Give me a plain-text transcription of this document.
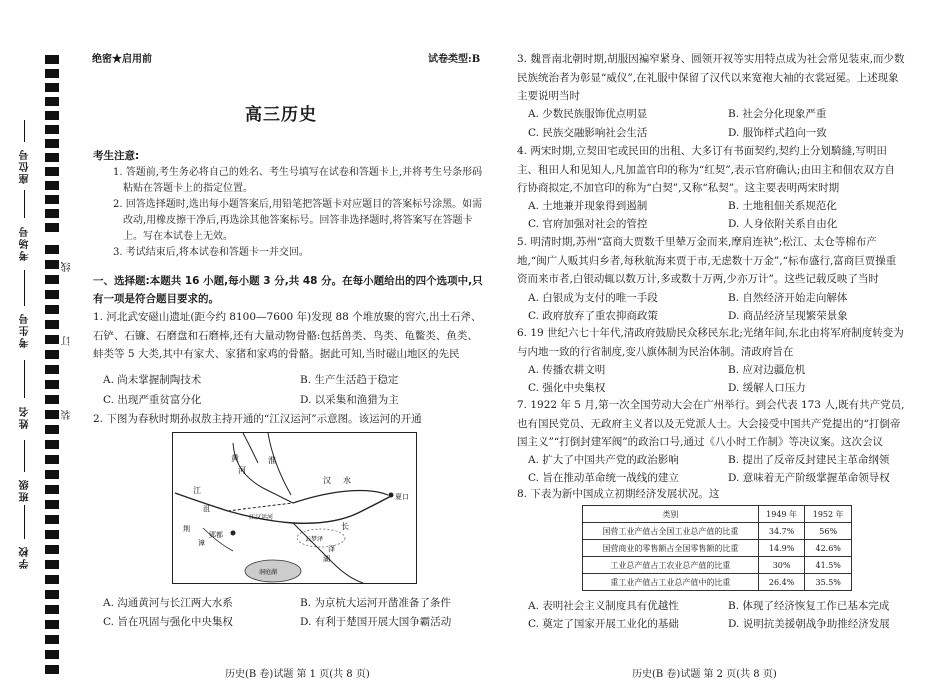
座位号
考场号
考生号
姓名
班级
学校
线
订
装
绝密★启用前	试卷类型:B
高三历史
考生注意:

1. 答题前,考生务必将自己的姓名、考生号填写在试卷和答题卡上,并将考生号条形码粘贴在答题卡上的指定位置。

2. 回答选择题时,选出每小题答案后,用铅笔把答题卡对应题目的答案标号涂黑。如需改动,用橡皮擦干净后,再选涂其他答案标号。回答非选择题时,将答案写在答题卡上。写在本试卷上无效。

3. 考试结束后,将本试卷和答题卡一并交回。

一、选择题:本题共 16 小题,每小题 3 分,共 48 分。在每小题给出的四个选项中,只有一项是符合题目要求的。
1. 河北武安磁山遗址(距今约 8100—7600 年)发现 88 个堆放聚的窖穴,出土石斧、石铲、石镰、石磨盘和石磨棒,还有大量动物骨骼:包括兽类、鸟类、龟鳖类、鱼类、蚌类等 5 大类,其中有家犬、家猪和家鸡的骨骼。据此可知,当时磁山地区的先民
A. 尚未掌握制陶技术	B. 生产生活趋于稳定
C. 出现严重贫富分化	D. 以采集和渔猎为主
2. 下图为春秋时期孙叔敖主持开通的“江汉运河”示意图。该运河的开通
黄
河
淮
汉 水
江
夏口
长
江汉运河
郢都
沮
漳
荆
湖
云梦泽
泽
洞庭湖
A. 沟通黄河与长江两大水系	B. 为京杭大运河开凿准备了条件
C. 旨在巩固与强化中央集权	D. 有利于楚国开展大国争霸活动
历史(B 卷)试题 第 1 页(共 8 页)
3. 魏晋南北朝时期,胡服因褊窄紧身、圆领开衩等实用特点成为社会常见装束,而少数民族统治者为彰显“威仪”,在礼服中保留了汉代以来宽袍大袖的衣裳冠冕。上述现象主要说明当时
A. 少数民族服饰优点明显	B. 社会分化现象严重
C. 民族交融影响社会生活	D. 服饰样式趋向一致
4. 两宋时期,立契田宅或民田的出租、大多订有书面契约,契约上分划騎縫,写明田主、租田人和见知人,凡加盖官印的称为“红契”,表示官府确认;由田主和佃农双方自行协商拟定,不加官印的称为“白契”,又称“私契”。这主要表明两宋时期
A. 土地兼并现象得到遏制	B. 土地租佃关系规范化
C. 官府加强对社会的管控	D. 人身依附关系自由化
5. 明清时期,苏州“富商大贾数千里辇万金而来,摩肩连袂”;松江、太仓等棉布产地,“闽广人贩其归乡者,每秋航海来贾于市,无虑数十万金”,“标布盛行,富商巨贾操重资而来市者,白银动辄以数万计,多或数十万两,少亦万计”。这些记载反映了当时
A. 白银成为支付的唯一手段	B. 自然经济开始走向解体
C. 政府放弃了重农抑商政策	D. 商品经济呈现繁荣景象
6. 19 世纪六七十年代,清政府鼓励民众移民东北;光绪年间,东北由将军府制度转变为与内地一致的行省制度,变八旗体制为民治体制。清政府旨在
A. 传播农耕文明	B. 应对边疆危机
C. 强化中央集权	D. 缓解人口压力
7. 1922 年 5 月,第一次全国劳动大会在广州举行。到会代表 173 人,既有共产党员,也有国民党员、无政府主义者以及无党派人士。大会接受中国共产党提出的“打倒帝国主义”“打倒封建军阀”的政治口号,通过《八小时工作制》等决议案。这次会议
A. 扩大了中国共产党的政治影响	B. 提出了反帝反封建民主革命纲领
C. 旨在推动革命统一战线的建立	D. 意味着无产阶级掌握革命领导权
8. 下表为新中国成立初期经济发展状况。这
类别	1949 年	1952 年
国营工业产值占全国工业总产值的比重	34.7%	56%
国营商业的零售额占全国零售额的比重	14.9%	42.6%
工业总产值占工农业总产值的比重	30%	41.5%
重工业产值占工业总产值中的比重	26.4%	35.5%
A. 表明社会主义制度具有优越性	B. 体现了经济恢复工作已基本完成
C. 奠定了国家开展工业化的基础	D. 说明抗美援朝战争助推经济发展
历史(B 卷)试题 第 2 页(共 8 页)
